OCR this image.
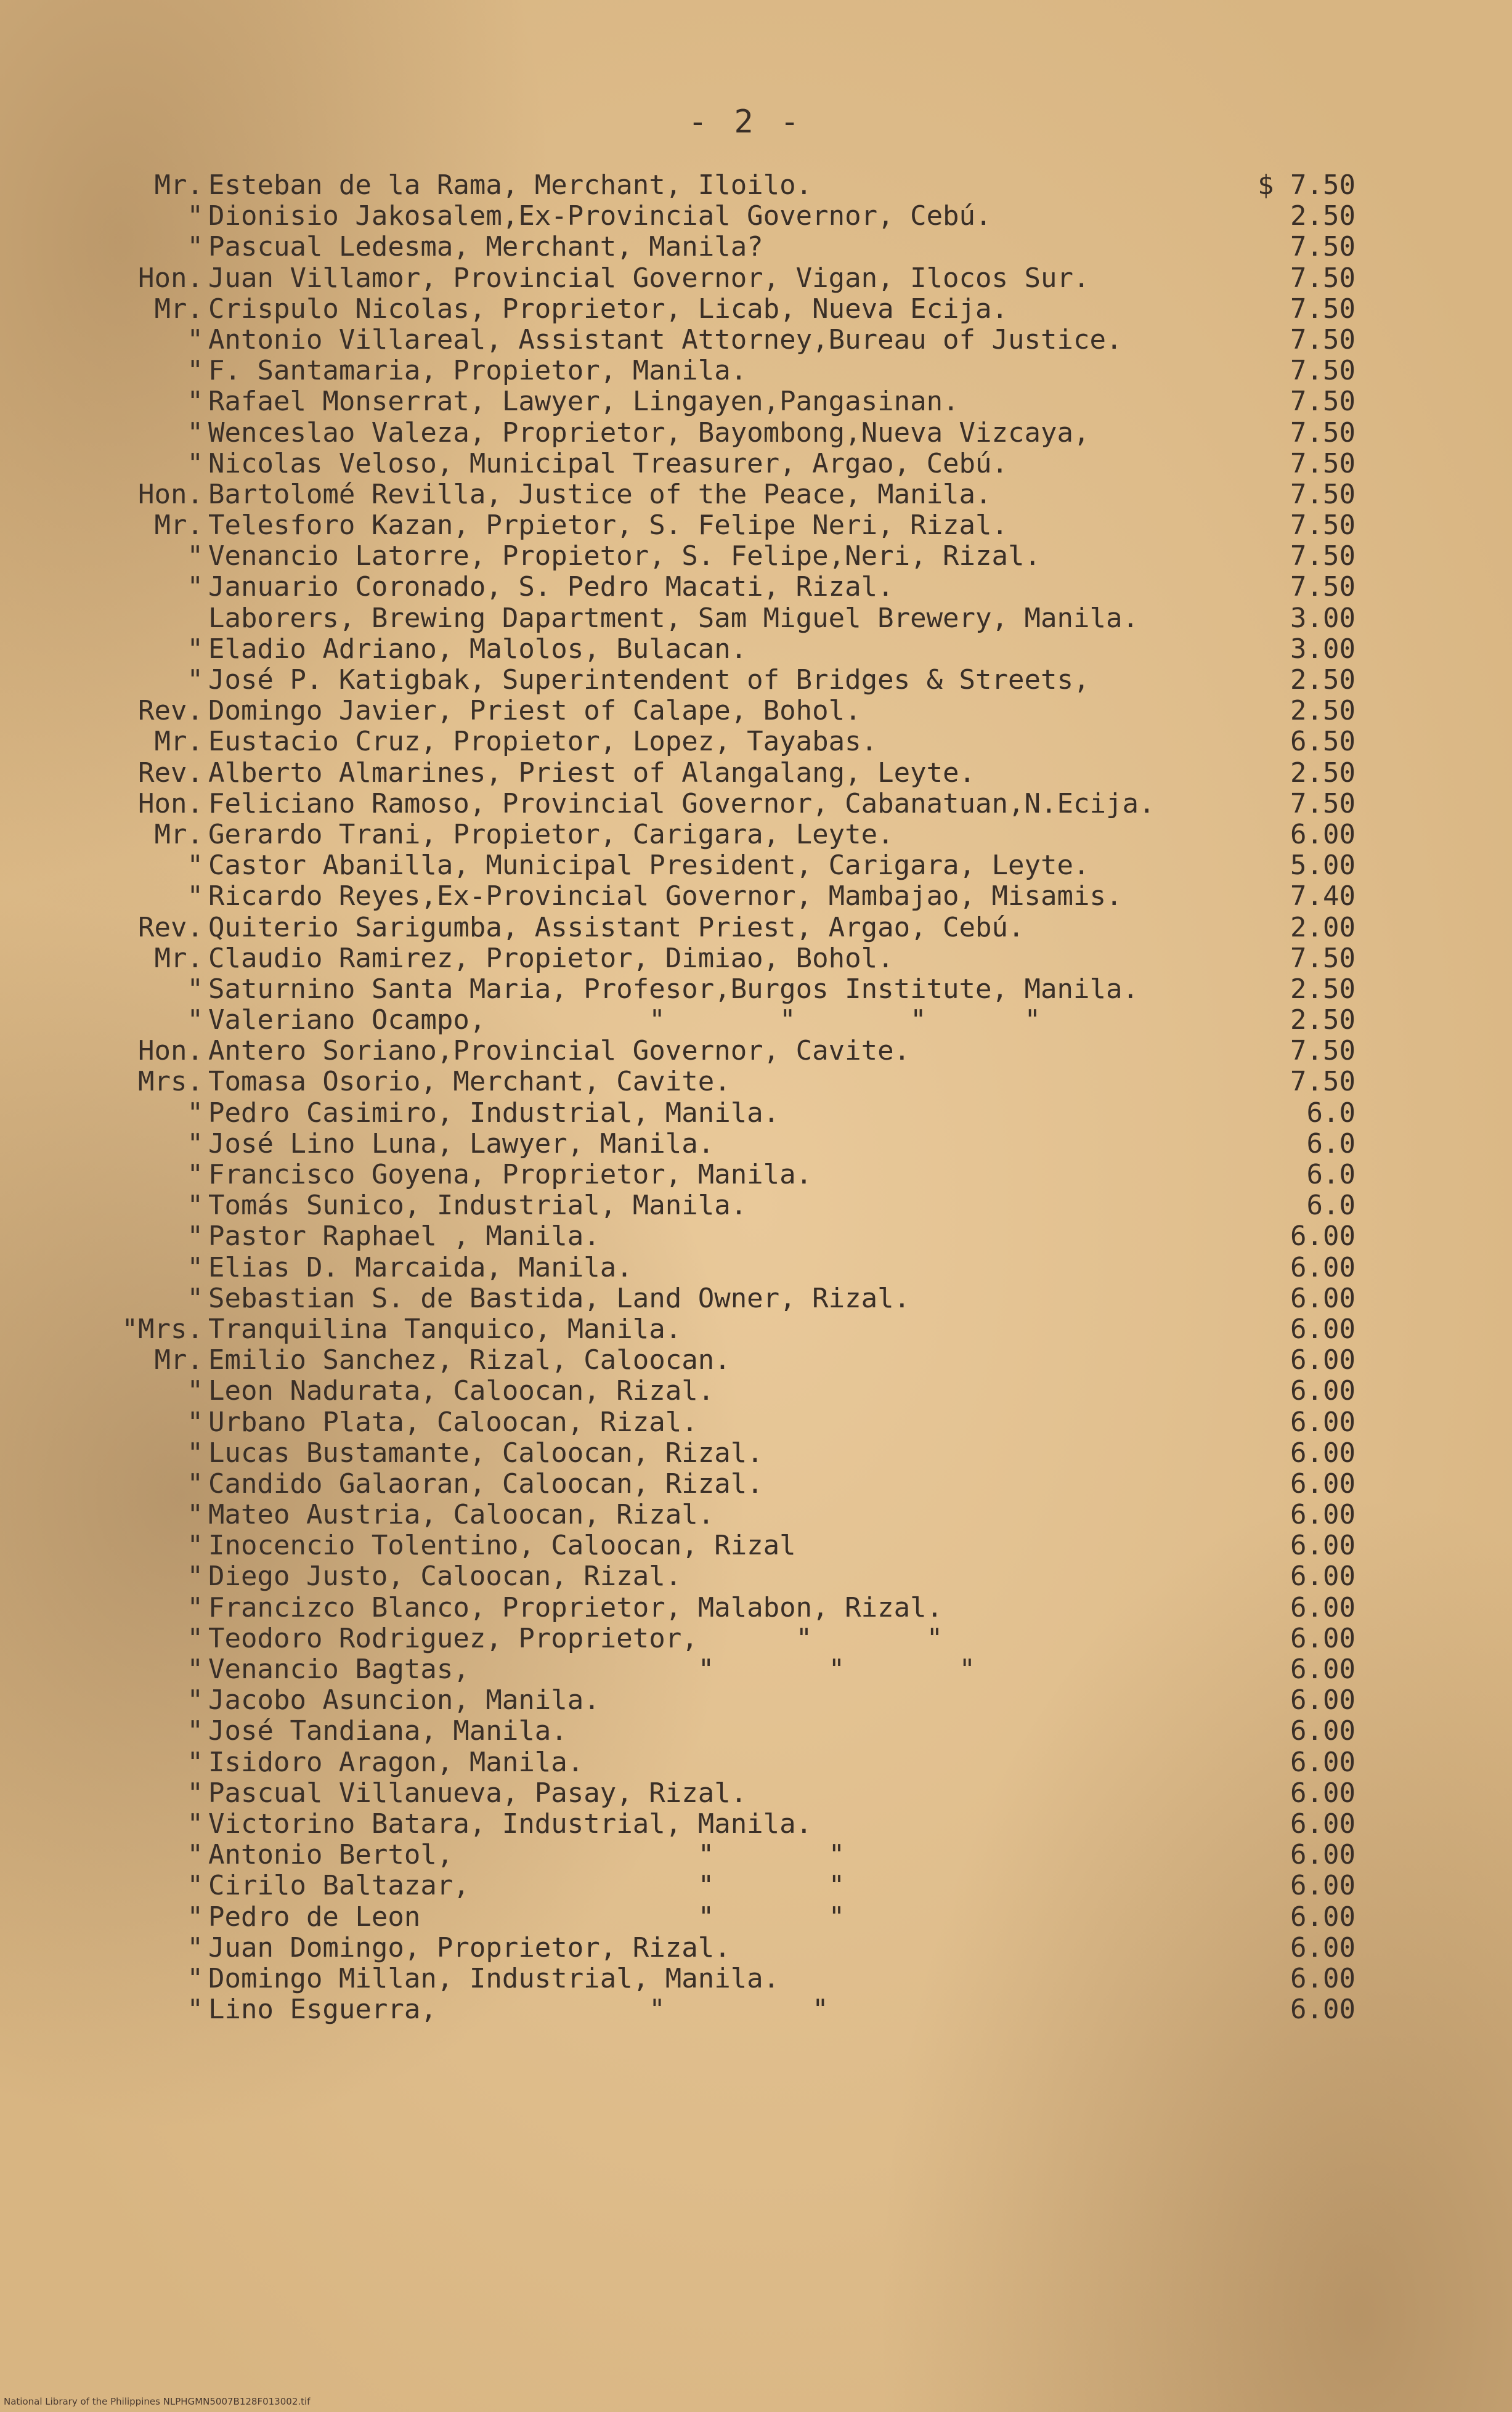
- 2 -
Mr. Esteban de la Rama, Merchant, Iloilo.	$ 7.50
" Dionisio Jakosalem,Ex-Provincial Governor, Cebú.	2.50
" Pascual Ledesma, Merchant, Manila?	7.50
Hon. Juan Villamor, Provincial Governor, Vigan, Ilocos Sur.	7.50
Mr. Crispulo Nicolas, Proprietor, Licab, Nueva Ecija.	7.50
" Antonio Villareal, Assistant Attorney,Bureau of Justice.	7.50
" F. Santamaria, Propietor, Manila.	7.50
" Rafael Monserrat, Lawyer, Lingayen,Pangasinan.	7.50
" Wenceslao Valeza, Proprietor, Bayombong,Nueva Vizcaya,	7.50
" Nicolas Veloso, Municipal Treasurer, Argao, Cebú.	7.50
Hon. Bartolomé Revilla, Justice of the Peace, Manila.	7.50
Mr. Telesforo Kazan, Prpietor, S. Felipe Neri, Rizal.	7.50
" Venancio Latorre, Propietor, S. Felipe,Neri, Rizal.	7.50
" Januario Coronado, S. Pedro Macati, Rizal.	7.50
Laborers, Brewing Dapartment, Sam Miguel Brewery, Manila.	3.00
" Eladio Adriano, Malolos, Bulacan.	3.00
" José P. Katigbak, Superintendent of Bridges & Streets,	2.50
Rev. Domingo Javier, Priest of Calape, Bohol.	2.50
Mr. Eustacio Cruz, Propietor, Lopez, Tayabas.	6.50
Rev. Alberto Almarines, Priest of Alangalang, Leyte.	2.50
Hon. Feliciano Ramoso, Provincial Governor, Cabanatuan,N.Ecija.	7.50
Mr. Gerardo Trani, Propietor, Carigara, Leyte.	6.00
" Castor Abanilla, Municipal President, Carigara, Leyte.	5.00
" Ricardo Reyes,Ex-Provincial Governor, Mambajao, Misamis.	7.40
Rev. Quiterio Sarigumba, Assistant Priest, Argao, Cebú.	2.00
Mr. Claudio Ramirez, Propietor, Dimiao, Bohol.	7.50
" Saturnino Santa Maria, Profesor,Burgos Institute, Manila.	2.50
" Valeriano Ocampo,          "       "       "      "	2.50
Hon. Antero Soriano,Provincial Governor, Cavite.	7.50
Mrs. Tomasa Osorio, Merchant, Cavite.	7.50
" Pedro Casimiro, Industrial, Manila.	6.0
" José Lino Luna, Lawyer, Manila.	6.0
" Francisco Goyena, Proprietor, Manila.	6.0
" Tomás Sunico, Industrial, Manila.	6.0
" Pastor Raphael , Manila.	6.00
" Elias D. Marcaida, Manila.	6.00
" Sebastian S. de Bastida, Land Owner, Rizal.	6.00
"Mrs. Tranquilina Tanquico, Manila.	6.00
Mr. Emilio Sanchez, Rizal, Caloocan.	6.00
" Leon Nadurata, Caloocan, Rizal.	6.00
" Urbano Plata, Caloocan, Rizal.	6.00
" Lucas Bustamante, Caloocan, Rizal.	6.00
" Candido Galaoran, Caloocan, Rizal.	6.00
" Mateo Austria, Caloocan, Rizal.	6.00
" Inocencio Tolentino, Caloocan, Rizal	6.00
" Diego Justo, Caloocan, Rizal.	6.00
" Francizco Blanco, Proprietor, Malabon, Rizal.	6.00
" Teodoro Rodriguez, Proprietor,      "       "	6.00
" Venancio Bagtas,              "       "       "	6.00
" Jacobo Asuncion, Manila.	6.00
" José Tandiana, Manila.	6.00
" Isidoro Aragon, Manila.	6.00
" Pascual Villanueva, Pasay, Rizal.	6.00
" Victorino Batara, Industrial, Manila.	6.00
" Antonio Bertol,               "       "	6.00
" Cirilo Baltazar,              "       "	6.00
" Pedro de Leon                 "       "	6.00
" Juan Domingo, Proprietor, Rizal.	6.00
" Domingo Millan, Industrial, Manila.	6.00
" Lino Esguerra,             "         "	6.00
National Library of the Philippines NLPHGMN5007B128F013002.tif
